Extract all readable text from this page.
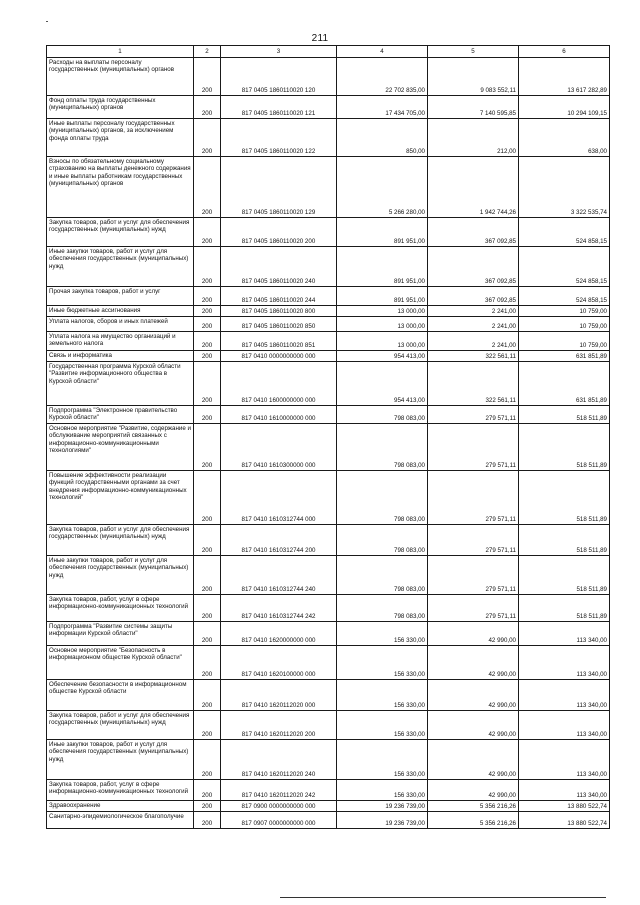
211
1	2	3	4	5	6
Расходы на выплаты персоналу государственных (муниципальных) органов	200	817 0405 1860110020 120	22 702 835,00	9 083 552,11	13 617 282,89
Фонд оплаты труда государственных (муниципальных) органов	200	817 0405 1860110020 121	17 434 705,00	7 140 595,85	10 294 109,15
Иные выплаты персоналу государственных (муниципальных) органов, за исключением фонда оплаты труда	200	817 0405 1860110020 122	850,00	212,00	638,00
Взносы по обязательному социальному страхованию на выплаты денежного содержания и иные выплаты работникам государственных (муниципальных) органов	200	817 0405 1860110020 129	5 266 280,00	1 942 744,26	3 322 535,74
Закупка товаров, работ и услуг для обеспечения государственных (муниципальных) нужд	200	817 0405 1860110020 200	891 951,00	367 092,85	524 858,15
Иные закупки товаров, работ и услуг для обеспечения государственных (муниципальных) нужд	200	817 0405 1860110020 240	891 951,00	367 092,85	524 858,15
Прочая закупка товаров, работ и услуг	200	817 0405 1860110020 244	891 951,00	367 092,85	524 858,15
Иные бюджетные ассигнования	200	817 0405 1860110020 800	13 000,00	2 241,00	10 759,00
Уплата налогов, сборов и иных платежей	200	817 0405 1860110020 850	13 000,00	2 241,00	10 759,00
Уплата налога на имущество организаций и земельного налога	200	817 0405 1860110020 851	13 000,00	2 241,00	10 759,00
Связь и информатика	200	817 0410 0000000000 000	954 413,00	322 561,11	631 851,89
Государственная программа Курской области "Развитие информационного общества в Курской области"	200	817 0410 1600000000 000	954 413,00	322 561,11	631 851,89
Подпрограмма "Электронное правительство Курской области"	200	817 0410 1610000000 000	798 083,00	279 571,11	518 511,89
Основное мероприятие "Развитие, содержание и обслуживание мероприятий связанных с информационно-коммуникационными технологиями"	200	817 0410 1610300000 000	798 083,00	279 571,11	518 511,89
Повышение эффективности реализации функций государственными органами за счет внедрения информационно-коммуникационных технологий"	200	817 0410 1610312744 000	798 083,00	279 571,11	518 511,89
Закупка товаров, работ и услуг для обеспечения государственных (муниципальных) нужд	200	817 0410 1610312744 200	798 083,00	279 571,11	518 511,89
Иные закупки товаров, работ и услуг для обеспечения государственных (муниципальных) нужд	200	817 0410 1610312744 240	798 083,00	279 571,11	518 511,89
Закупка товаров, работ, услуг в сфере информационно-коммуникационных технологий	200	817 0410 1610312744 242	798 083,00	279 571,11	518 511,89
Подпрограмма "Развитие системы защиты информации Курской области"	200	817 0410 1620000000 000	156 330,00	42 990,00	113 340,00
Основное мероприятие "Безопасность в информационном обществе Курской области"	200	817 0410 1620100000 000	156 330,00	42 990,00	113 340,00
Обеспечение безопасности в информационном обществе Курской области	200	817 0410 1620112020 000	156 330,00	42 990,00	113 340,00
Закупка товаров, работ и услуг для обеспечения государственных (муниципальных) нужд	200	817 0410 1620112020 200	156 330,00	42 990,00	113 340,00
Иные закупки товаров, работ и услуг для обеспечения государственных (муниципальных) нужд	200	817 0410 1620112020 240	156 330,00	42 990,00	113 340,00
Закупка товаров, работ, услуг в сфере информационно-коммуникационных технологий	200	817 0410 1620112020 242	156 330,00	42 990,00	113 340,00
Здравоохранение	200	817 0900 0000000000 000	19 236 739,00	5 356 216,26	13 880 522,74
Санитарно-эпидемиологическое благополучие	200	817 0907 0000000000 000	19 236 739,00	5 356 216,26	13 880 522,74
